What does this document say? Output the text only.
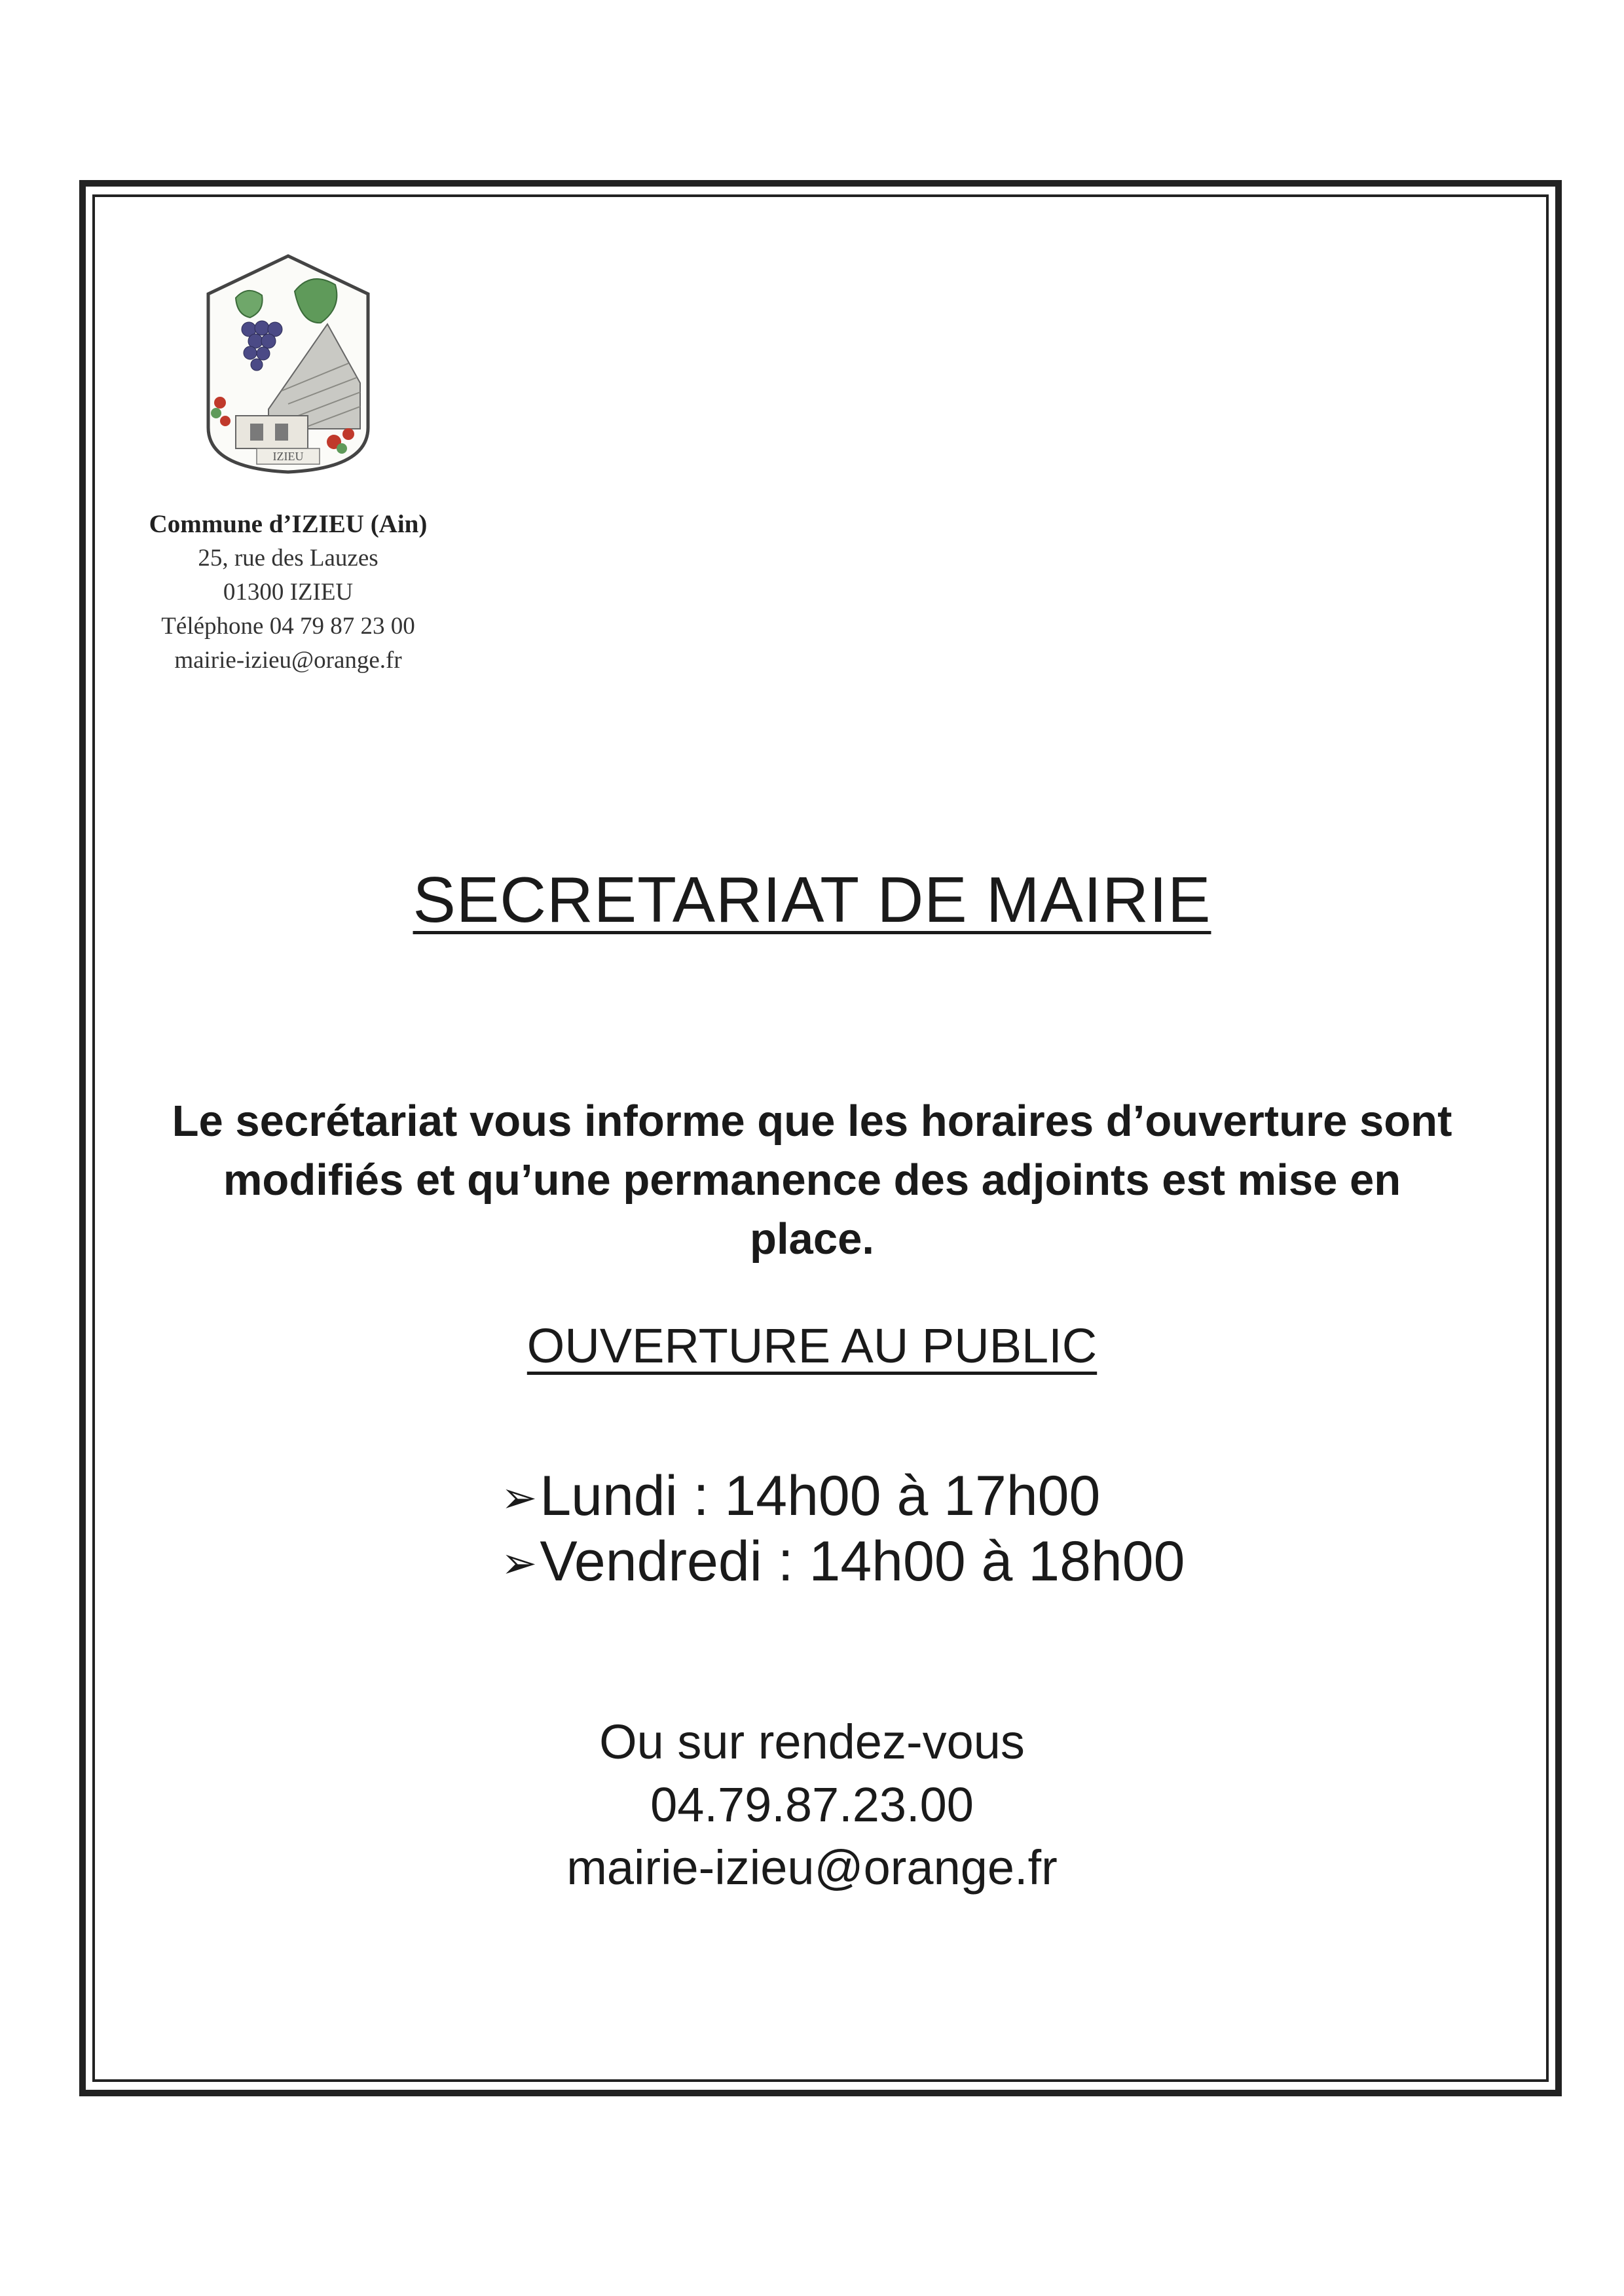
IZIEU
Commune d’IZIEU (Ain)
25, rue des Lauzes
01300 IZIEU
Téléphone 04 79 87 23 00
mairie-izieu@orange.fr
SECRETARIAT DE MAIRIE
Le secrétariat vous informe que les horaires d’ouverture sont
modifiés et qu’une permanence des adjoints est mise en
place.
OUVERTURE AU PUBLIC
➢ Lundi : 14h00 à 17h00
➢ Vendredi : 14h00 à 18h00
Ou sur rendez-vous
04.79.87.23.00
mairie-izieu@orange.fr
